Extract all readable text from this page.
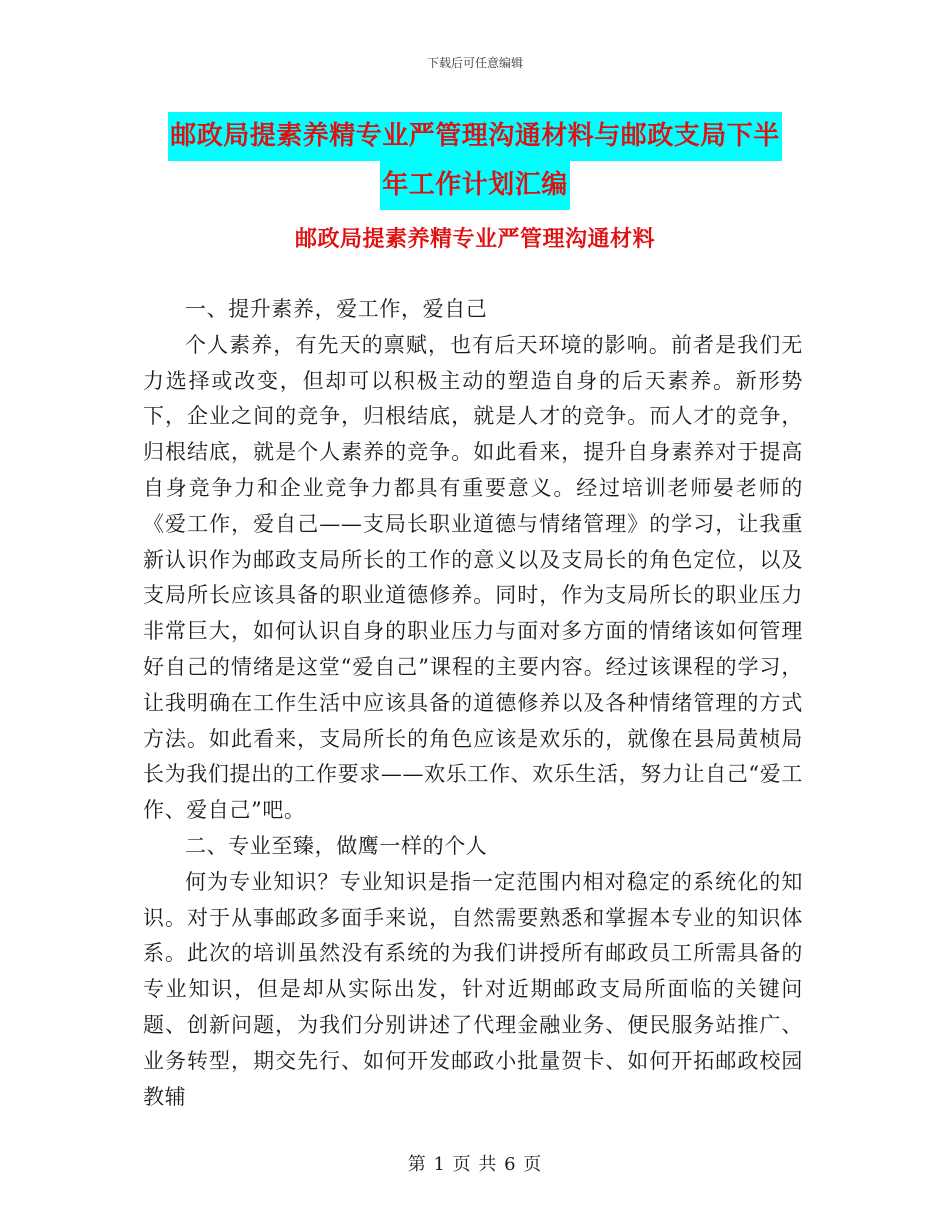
下载后可任意编辑
邮政局提素养精专业严管理沟通材料与邮政支局下半
年工作计划汇编
邮政局提素养精专业严管理沟通材料

一、提升素养，爱工作，爱自己

个人素养，有先天的禀赋，也有后天环境的影响。前者是我们无力选择或改变，但却可以积极主动的塑造自身的后天素养。新形势下，企业之间的竞争，归根结底，就是人才的竞争。而人才的竞争，归根结底，就是个人素养的竞争。如此看来，提升自身素养对于提高自身竞争力和企业竞争力都具有重要意义。经过培训老师晏老师的《爱工作，爱自己——支局长职业道德与情绪管理》的学习，让我重新认识作为邮政支局所长的工作的意义以及支局长的角色定位，以及支局所长应该具备的职业道德修养。同时，作为支局所长的职业压力非常巨大，如何认识自身的职业压力与面对多方面的情绪该如何管理好自己的情绪是这堂“爱自己”课程的主要内容。经过该课程的学习，让我明确在工作生活中应该具备的道德修养以及各种情绪管理的方式方法。如此看来，支局所长的角色应该是欢乐的，就像在县局黄桢局长为我们提出的工作要求——欢乐工作、欢乐生活，努力让自己“爱工作、爱自己”吧。

二、专业至臻，做鹰一样的个人

何为专业知识？专业知识是指一定范围内相对稳定的系统化的知识。对于从事邮政多面手来说，自然需要熟悉和掌握本专业的知识体系。此次的培训虽然没有系统的为我们讲授所有邮政员工所需具备的专业知识，但是却从实际出发，针对近期邮政支局所面临的关键问题、创新问题，为我们分别讲述了代理金融业务、便民服务站推广、业务转型，期交先行、如何开发邮政小批量贺卡、如何开拓邮政校园教辅

第 1 页 共 6 页
